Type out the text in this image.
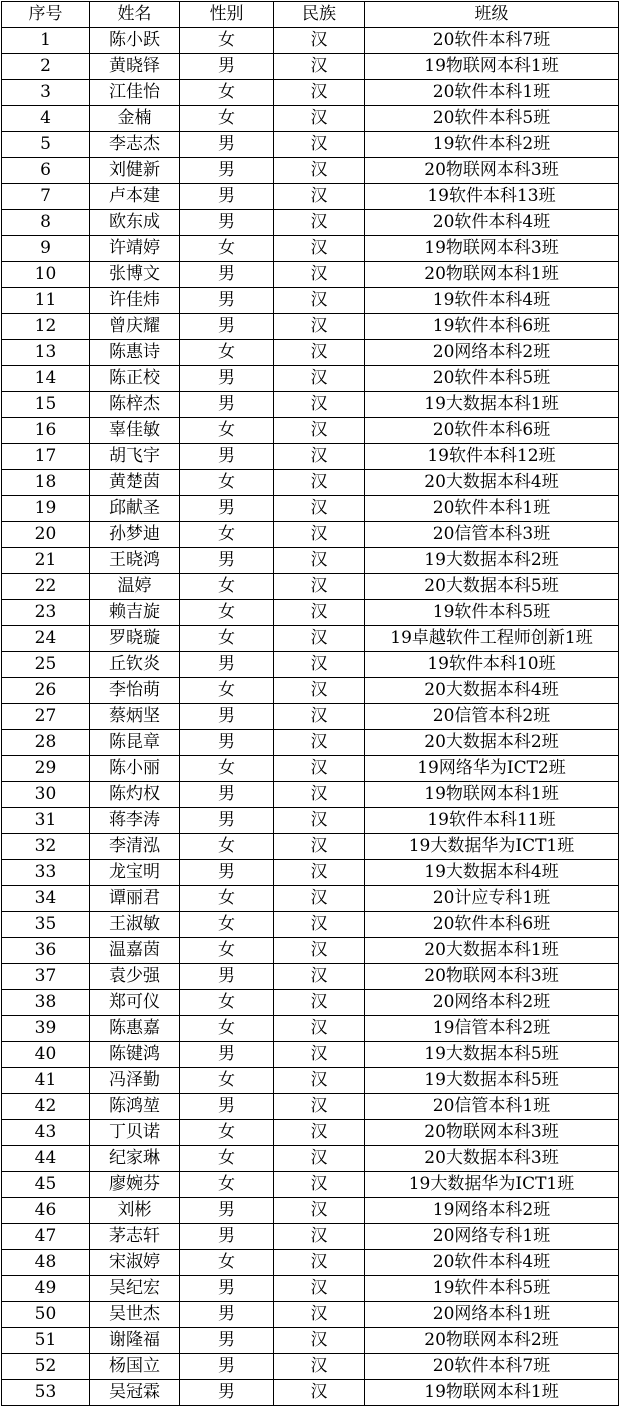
序号	姓名	性别	民族	班级
1	陈小跃	女	汉	20软件本科7班
2	黄晓铎	男	汉	19物联网本科1班
3	江佳怡	女	汉	20软件本科1班
4	金楠	女	汉	20软件本科5班
5	李志杰	男	汉	19软件本科2班
6	刘健新	男	汉	20物联网本科3班
7	卢本建	男	汉	19软件本科13班
8	欧东成	男	汉	20软件本科4班
9	许靖婷	女	汉	19物联网本科3班
10	张博文	男	汉	20物联网本科1班
11	许佳炜	男	汉	19软件本科4班
12	曾庆耀	男	汉	19软件本科6班
13	陈惠诗	女	汉	20网络本科2班
14	陈正校	男	汉	20软件本科5班
15	陈梓杰	男	汉	19大数据本科1班
16	辜佳敏	女	汉	20软件本科6班
17	胡飞宇	男	汉	19软件本科12班
18	黄楚茵	女	汉	20大数据本科4班
19	邱献圣	男	汉	20软件本科1班
20	孙梦迪	女	汉	20信管本科3班
21	王晓鸿	男	汉	19大数据本科2班
22	温婷	女	汉	20大数据本科5班
23	赖吉旋	女	汉	19软件本科5班
24	罗晓璇	女	汉	19卓越软件工程师创新1班
25	丘钦炎	男	汉	19软件本科10班
26	李怡萌	女	汉	20大数据本科4班
27	蔡炳坚	男	汉	20信管本科2班
28	陈昆章	男	汉	20大数据本科2班
29	陈小丽	女	汉	19网络华为ICT2班
30	陈灼权	男	汉	19物联网本科1班
31	蒋李涛	男	汉	19软件本科11班
32	李清泓	女	汉	19大数据华为ICT1班
33	龙宝明	男	汉	19大数据本科4班
34	谭丽君	女	汉	20计应专科1班
35	王淑敏	女	汉	20软件本科6班
36	温嘉茵	女	汉	20大数据本科1班
37	袁少强	男	汉	20物联网本科3班
38	郑可仪	女	汉	20网络本科2班
39	陈惠嘉	女	汉	19信管本科2班
40	陈键鸿	男	汉	19大数据本科5班
41	冯泽勤	女	汉	19大数据本科5班
42	陈鸿堃	男	汉	20信管本科1班
43	丁贝诺	女	汉	20物联网本科3班
44	纪家琳	女	汉	20大数据本科3班
45	廖婉芬	女	汉	19大数据华为ICT1班
46	刘彬	男	汉	19网络本科2班
47	茅志轩	男	汉	20网络专科1班
48	宋淑婷	女	汉	20软件本科4班
49	吴纪宏	男	汉	19软件本科5班
50	吴世杰	男	汉	20网络本科1班
51	谢隆福	男	汉	20物联网本科2班
52	杨国立	男	汉	20软件本科7班
53	吴冠霖	男	汉	19物联网本科1班
